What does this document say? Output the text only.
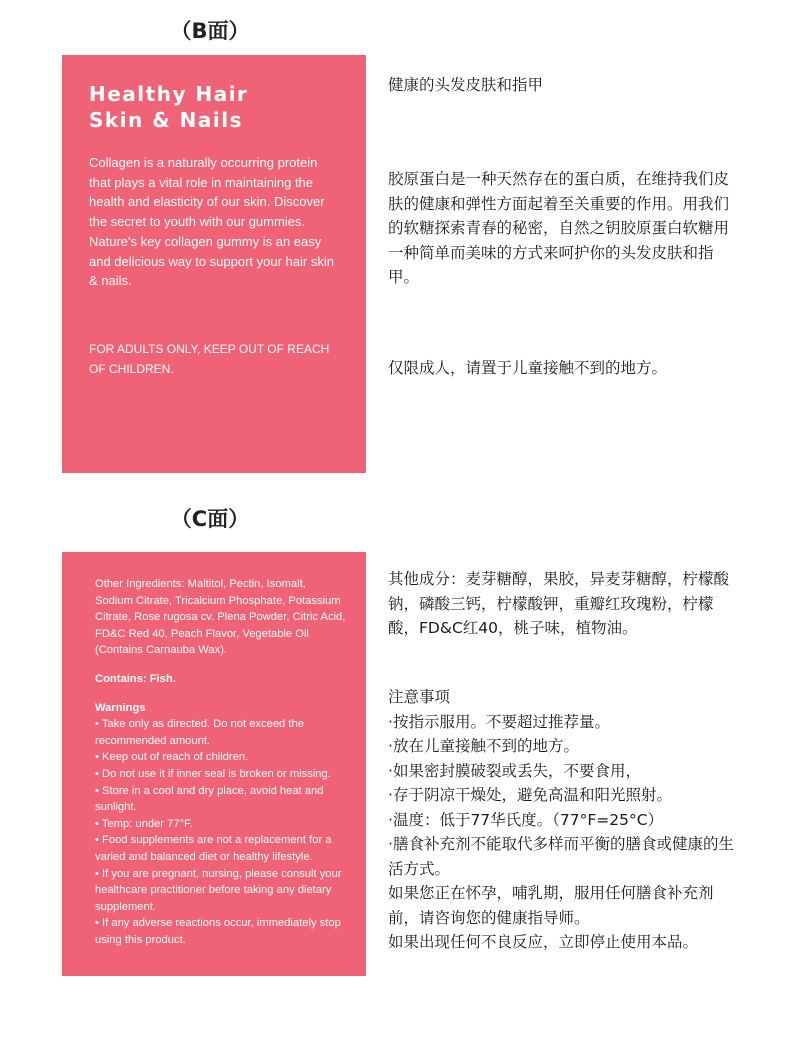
（B面）
Healthy Hair
Skin & Nails

Collagen is a naturally occurring protein that plays a vital role in maintaining the health and elasticity of our skin. Discover the secret to youth with our gummies. Nature's key collagen gummy is an easy and delicious way to support your hair skin & nails.

FOR ADULTS ONLY, KEEP OUT OF REACH OF CHILDREN.

健康的头发皮肤和指甲

胶原蛋白是一种天然存在的蛋白质，在维持我们皮肤的健康和弹性方面起着至关重要的作用。用我们的软糖探索青春的秘密，自然之钥胶原蛋白软糖用一种简单而美味的方式来呵护你的头发皮肤和指甲。

仅限成人，请置于儿童接触不到的地方。

（C面）

Other Ingredients: Maltitol, Pectin, Isomalt, Sodium Citrate, Tricalcium Phosphate, Potassium Citrate, Rose rugosa cv. Plena Powder, Citric Acid, FD&C Red 40, Peach Flavor, Vegetable Oil (Contains Carnauba Wax).

Contains: Fish.

Warnings

• Take only as directed. Do not exceed the recommended amount.
• Keep out of reach of children.
• Do not use it if inner seal is broken or missing.
• Store in a cool and dry place, avoid heat and sunlight.
• Temp: under 77°F.
• Food supplements are not a replacement for a varied and balanced diet or healthy lifestyle.
• If you are pregnant, nursing, please consult your healthcare practitioner before taking any dietary supplement.
• If any adverse reactions occur, immediately stop using this product.

其他成分：麦芽糖醇，果胶，异麦芽糖醇，柠檬酸钠，磷酸三钙，柠檬酸钾，重瓣红玫瑰粉，柠檬酸，FD&C红40，桃子味，植物油。

注意事项
· 按指示服用。不要超过推荐量。
· 放在儿童接触不到的地方。
· 如果密封膜破裂或丢失，不要食用，
· 存于阴凉干燥处，避免高温和阳光照射。
· 温度：低于77华氏度。（77°F=25°C）
· 膳食补充剂不能取代多样而平衡的膳食或健康的生活方式。
如果您正在怀孕，哺乳期，服用任何膳食补充剂前，请咨询您的健康指导师。
如果出现任何不良反应，立即停止使用本品。
